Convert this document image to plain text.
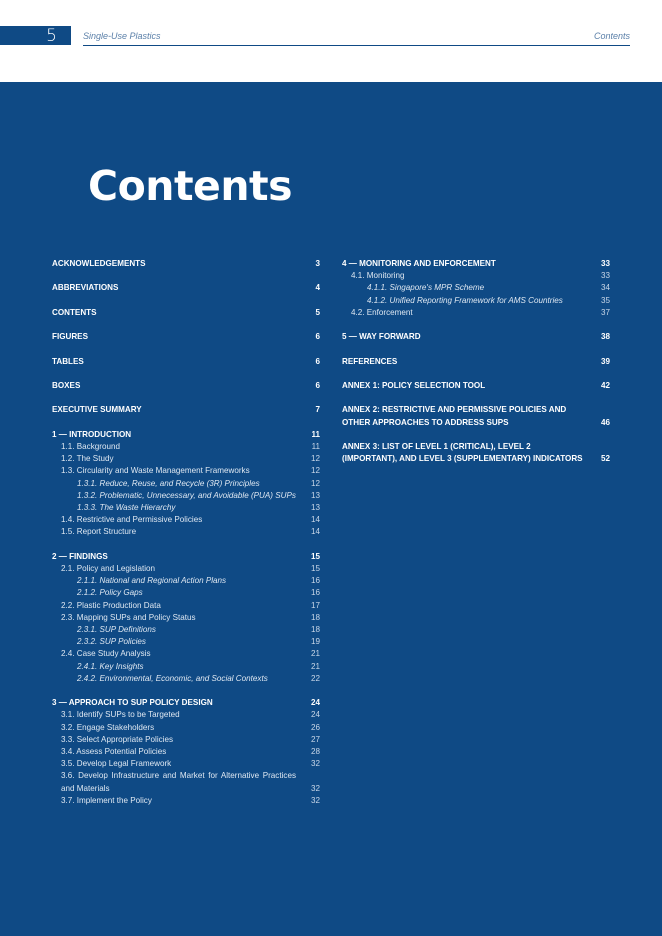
5	Single-Use Plastics	Contents
Contents
ACKNOWLEDGEMENTS	3
ABBREVIATIONS	4
CONTENTS	5
FIGURES	6
TABLES	6
BOXES	6
EXECUTIVE SUMMARY	7
1 — INTRODUCTION	11
1.1. Background	11
1.2. The Study	12
1.3. Circularity and Waste Management Frameworks	12
1.3.1. Reduce, Reuse, and Recycle (3R) Principles	12
1.3.2. Problematic, Unnecessary, and Avoidable (PUA) SUPs	13
1.3.3. The Waste Hierarchy	13
1.4. Restrictive and Permissive Policies	14
1.5. Report Structure	14
2 — FINDINGS	15
2.1. Policy and Legislation	15
2.1.1. National and Regional Action Plans	16
2.1.2. Policy Gaps	16
2.2. Plastic Production Data	17
2.3. Mapping SUPs and Policy Status	18
2.3.1. SUP Definitions	18
2.3.2. SUP Policies	19
2.4. Case Study Analysis	21
2.4.1. Key Insights	21
2.4.2. Environmental, Economic, and Social Contexts	22
3 — APPROACH TO SUP POLICY DESIGN	24
3.1. Identify SUPs to be Targeted	24
3.2. Engage Stakeholders	26
3.3. Select Appropriate Policies	27
3.4. Assess Potential Policies	28
3.5. Develop Legal Framework	32
3.6. Develop Infrastructure and Market for Alternative Practices and Materials	32
3.7. Implement the Policy	32
4 — MONITORING AND ENFORCEMENT	33
4.1. Monitoring	33
4.1.1. Singapore's MPR Scheme	34
4.1.2. Unified Reporting Framework for AMS Countries	35
4.2. Enforcement	37
5 — WAY FORWARD	38
REFERENCES	39
ANNEX 1: POLICY SELECTION TOOL	42
ANNEX 2: RESTRICTIVE AND PERMISSIVE POLICIES AND OTHER APPROACHES TO ADDRESS SUPS	46
ANNEX 3: LIST OF LEVEL 1 (CRITICAL), LEVEL 2 (IMPORTANT), AND LEVEL 3 (SUPPLEMENTARY) INDICATORS	52
